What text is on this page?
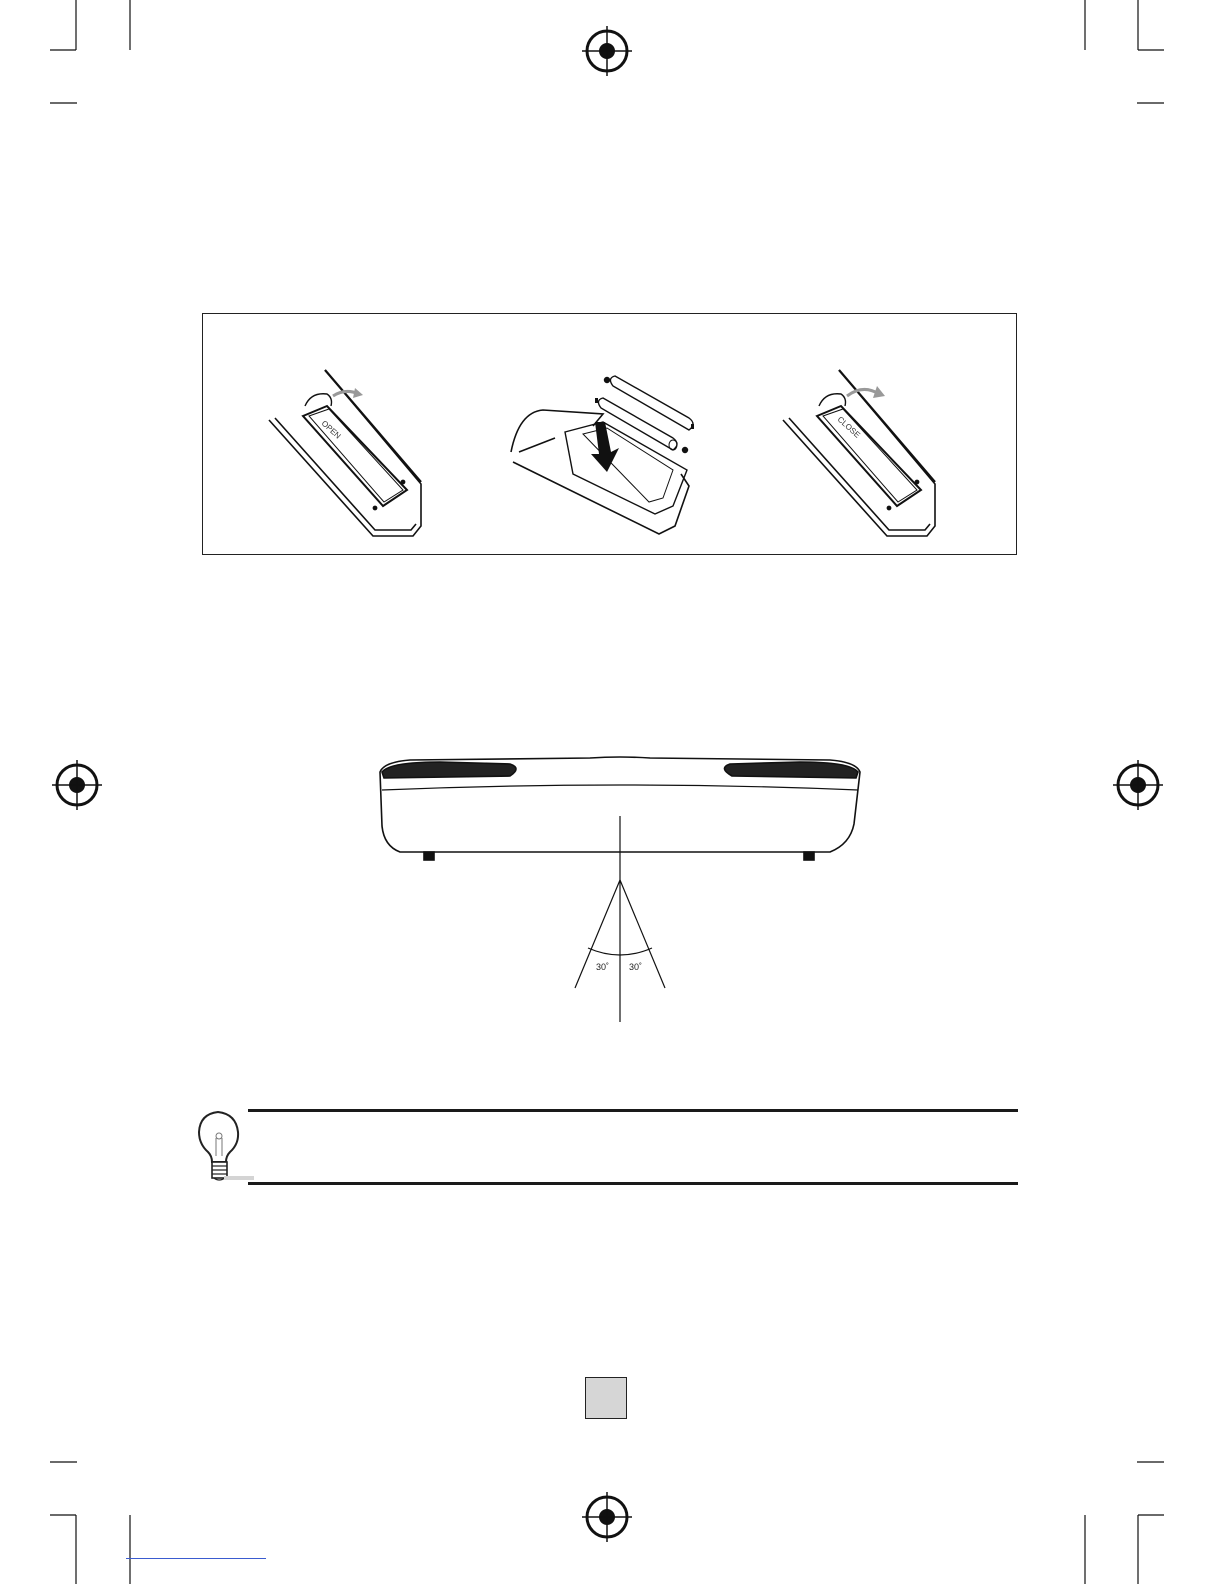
OPEN	CLOSE
30˚ 30˚
